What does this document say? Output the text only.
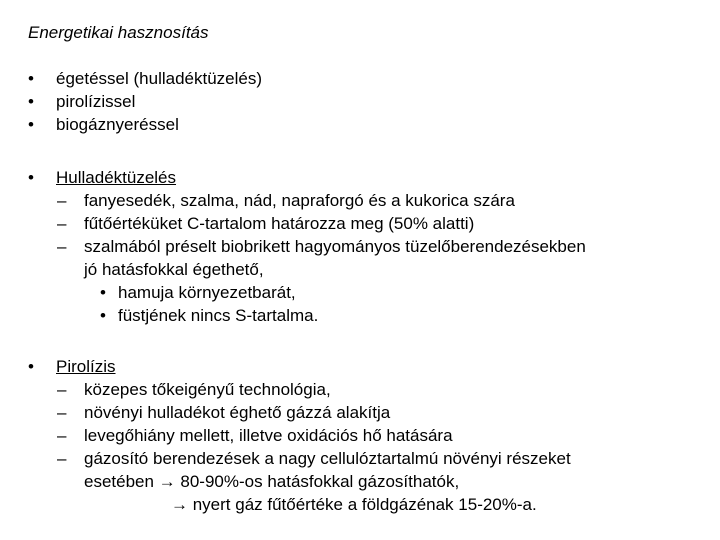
Energetikai hasznosítás
• égetéssel (hulladéktüzelés)
• pirolízissel
• biogáznyeréssel
• Hulladéktüzelés
– fanyesedék, szalma, nád, napraforgó és a kukorica szára
– fűtőértéküket C-tartalom határozza meg (50% alatti)
– szalmából préselt biobrikett hagyományos tüzelőberendezésekben
jó hatásfokkal égethető,
• hamuja környezetbarát,
• füstjének nincs S-tartalma.
• Pirolízis
– közepes tőkeigényű technológia,
– növényi hulladékot éghető gázzá alakítja
– levegőhiány mellett, illetve oxidációs hő hatására
– gázosító berendezések a nagy cellulóztartalmú növényi részeket
esetében → 80-90%-os hatásfokkal gázosíthatók,
→ nyert gáz fűtőértéke a földgázénak 15-20%-a.
